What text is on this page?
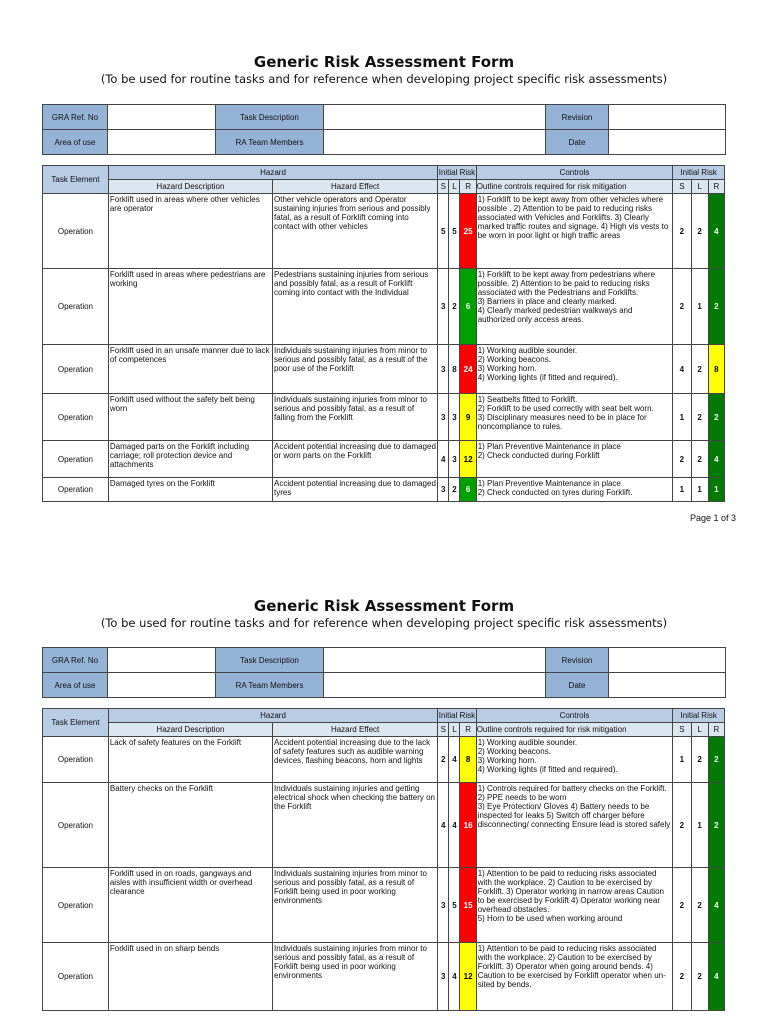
Generic Risk Assessment Form
(To be used for routine tasks and for reference when developing project specific risk assessments)
GRA Ref. No		Task Description		Revision	
Area of use		RA Team Members		Date	
Task Element	Hazard		Initial Risk			Controls	Initial Risk		
	Hazard Description	Hazard Effect	S	L	R	Outline controls required for risk mitigation	S	L	R
Operation	Forklift used in areas where other vehicles are operator	Other vehicle operators and Operator sustaining injuries from serious and possibly fatal, as a result of Forklift coming into contact with other vehicles	5	5	25	1) Forklift to be kept away from other vehicles where possible . 2) Attention to be paid to reducing risks associated with Vehicles and Forklifts. 3) Clearly marked traffic routes and signage. 4) High vis vests to be worn in poor light or high traffic areas	2	2	4
Operation	Forklift used in areas where pedestrians are working	Pedestrians sustaining injuries from serious and possibly fatal, as a result of Forklift coming into contact with the Individual	3	2	6	1) Forklift to be kept away from pedestrians where possible. 2) Attention to be paid to reducing risks associated with the Pedestrians and Forklifts.
3) Barriers in place and clearly marked.
4) Clearly marked pedestrian walkways and authorized only access areas.	2	1	2
Operation	Forklift used in an unsafe manner due to lack of competences	Individuals sustaining injuries from minor to serious and possibly fatal, as a result of the poor use of the Forklift	3	8	24	1) Working audible sounder.
2) Working beacons.
3) Working horn.
4) Working lights (if fitted and required).	4	2	8
Operation	Forklift used without the safety belt being worn	Individuals sustaining injuries from minor to serious and possibly fatal, as a result of falling from the Forklift	3	3	9	1) Seatbelts fitted to Forklift.
2) Forklift to be used correctly with seat belt worn.
3) Disciplinary measures need to be in place for noncompliance to rules.	1	2	2
Operation	Damaged parts on the Forklift including carriage; roll protection device and attachments	Accident potential increasing due to damaged or worn parts on the Forklift	4	3	12	1) Plan Preventive Maintenance in place
2) Check conducted during Forklift	2	2	4
Operation	Damaged tyres on the Forklift	Accident potential increasing due to damaged tyres	3	2	6	1) Plan Preventive Maintenance in place
2) Check conducted on tyres during Forklift.	1	1	1
Page 1 of 3
Generic Risk Assessment Form
(To be used for routine tasks and for reference when developing project specific risk assessments)
GRA Ref. No		Task Description		Revision	
Area of use		RA Team Members		Date	
Task Element	Hazard		Initial Risk			Controls	Initial Risk		
	Hazard Description	Hazard Effect	S	L	R	Outline controls required for risk mitigation	S	L	R
Operation	Lack of safety features on the Forklift	Accident potential increasing due to the lack of safety features such as audible warning devices, flashing beacons, horn and lights	2	4	8	1) Working audible sounder.
2) Working beacons.
3) Working horn.
4) Working lights (if fitted and required).	1	2	2
Operation	Battery checks on the Forklift	Individuals sustaining injuries and getting electrical shock when checking the battery on the Forklift	4	4	16	1) Controls required for battery checks on the Forklift. 2) PPE needs to be worn
3) Eye Protection/ Gloves 4) Battery needs to be inspected for leaks 5) Switch off charger before disconnecting/ connecting Ensure lead is stored safely	2	1	2
Operation	Forklift used in on roads, gangways and aisles with insufficient width or overhead clearance	Individuals sustaining injuries from minor to serious and possibly fatal, as a result of Forklift being used in poor working environments	3	5	15	1) Attention to be paid to reducing risks associated with the workplace. 2) Caution to be exercised by Forklift. 3) Operator working in narrow areas Caution to be exercised by Forklift 4) Operator working near overhead obstacles.
5) Horn to be used when working around	2	2	4
Operation	Forklift used in on sharp bends	Individuals sustaining injuries from minor to serious and possibly fatal, as a result of Forklift being used in poor working environments	3	4	12	1) Attention to be paid to reducing risks associated with the workplace. 2) Caution to be exercised by Forklift. 3) Operator when going around bends. 4) Caution to be exercised by Forklift operator when un-sited by bends.	2	2	4
